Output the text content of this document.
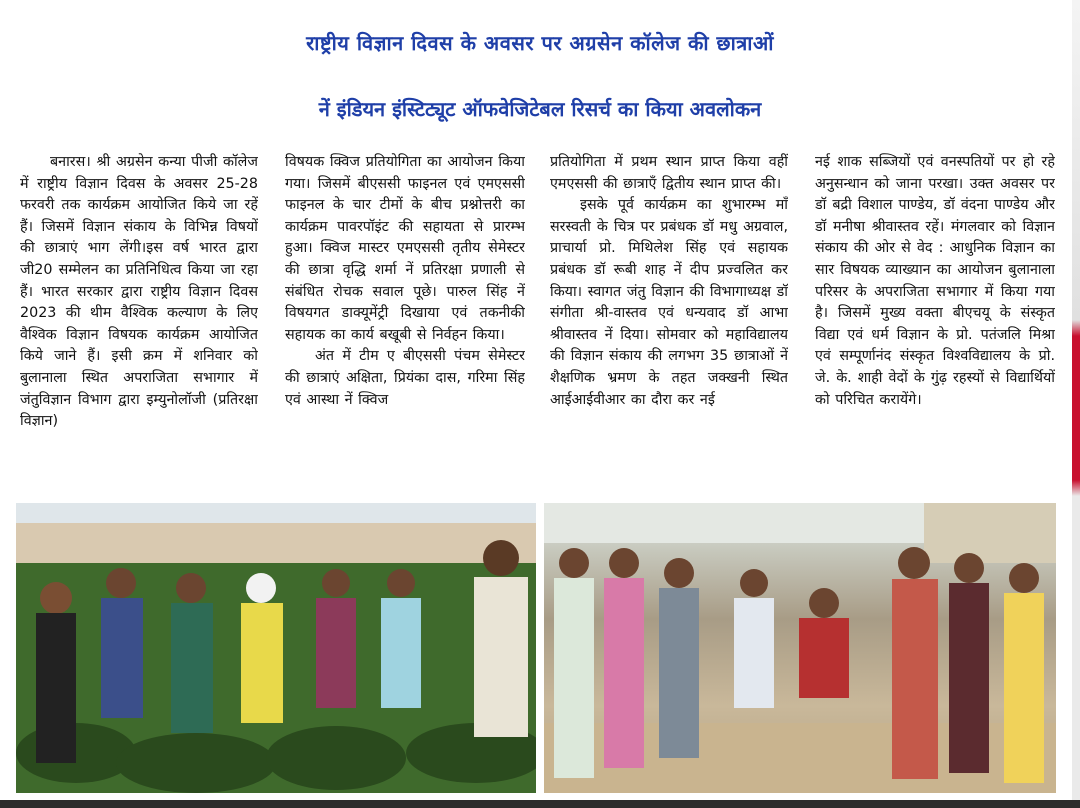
राष्ट्रीय विज्ञान दिवस के अवसर पर अग्रसेन कॉलेज की छात्राओं
नें इंडियन इंस्टिट्यूट ऑफवेजिटेबल रिसर्च का किया अवलोकन

बनारस। श्री अग्रसेन कन्या पीजी कॉलेज में राष्ट्रीय विज्ञान दिवस के अवसर 25-28 फरवरी तक कार्यक्रम आयोजित किये जा रहें हैं। जिसमें विज्ञान संकाय के विभिन्न विषयों की छात्राएं भाग लेंगी।इस वर्ष भारत द्वारा जी20 सम्मेलन का प्रतिनिधित्व किया जा रहा हैं। भारत सरकार द्वारा राष्ट्रीय विज्ञान दिवस 2023 की थीम वैश्विक कल्याण के लिए वैश्विक विज्ञान विषयक कार्यक्रम आयोजित किये जाने हैं। इसी क्रम में शनिवार को बुलानाला स्थित अपराजिता सभागार में जंतुविज्ञान विभाग द्वारा इम्युनोलॉजी (प्रतिरक्षा विज्ञान)

विषयक क्विज प्रतियोगिता का आयोजन किया गया। जिसमें बीएससी फाइनल एवं एमएससी फाइनल के चार टीमों के बीच प्रश्नोत्तरी का कार्यक्रम पावरपॉइंट की सहायता से प्रारम्भ हुआ। क्विज मास्टर एमएससी तृतीय सेमेस्टर की छात्रा वृद्धि शर्मा नें प्रतिरक्षा प्रणाली से संबंधित रोचक सवाल पूछे। पारुल सिंह नें विषयगत डाक्यूमेंट्री दिखाया एवं तकनीकी सहायक का कार्य बखूबी से निर्वहन किया।

अंत में टीम ए बीएससी पंचम सेमेस्टर की छात्राएं अक्षिता, प्रियंका दास, गरिमा सिंह एवं आस्था नें क्विज

प्रतियोगिता में प्रथम स्थान प्राप्त किया वहीं एमएससी की छात्राएँ द्वितीय स्थान प्राप्त की।

इसके पूर्व कार्यक्रम का शुभारम्भ माँ सरस्वती के चित्र पर प्रबंधक डॉ मधु अग्रवाल, प्राचार्या प्रो. मिथिलेश सिंह एवं सहायक प्रबंधक डॉ रूबी शाह नें दीप प्रज्वलित कर किया। स्वागत जंतु विज्ञान की विभागाध्यक्ष डॉ संगीता श्री-वास्तव एवं धन्यवाद डॉ आभा श्रीवास्तव नें दिया। सोमवार को महाविद्यालय की विज्ञान संकाय की लगभग 35 छात्राओं नें शैक्षणिक भ्रमण के तहत जक्खनी स्थित आईआईवीआर का दौरा कर नई

नई शाक सब्जियों एवं वनस्पतियों पर हो रहे अनुसन्धान को जाना परखा। उक्त अवसर पर डॉ बद्री विशाल पाण्डेय, डॉ वंदना पाण्डेय और डॉ मनीषा श्रीवास्तव रहें। मंगलवार को विज्ञान संकाय की ओर से वेद : आधुनिक विज्ञान का सार विषयक व्याख्यान का आयोजन बुलानाला परिसर के अपराजिता सभागार में किया गया है। जिसमें मुख्य वक्ता बीएचयू के संस्कृत विद्या एवं धर्म विज्ञान के प्रो. पतंजलि मिश्रा एवं सम्पूर्णानंद संस्कृत विश्वविद्यालय के प्रो. जे. के. शाही वेदों के गुंढ़ रहस्यों से विद्यार्थियों को परिचित करायेंगे।
